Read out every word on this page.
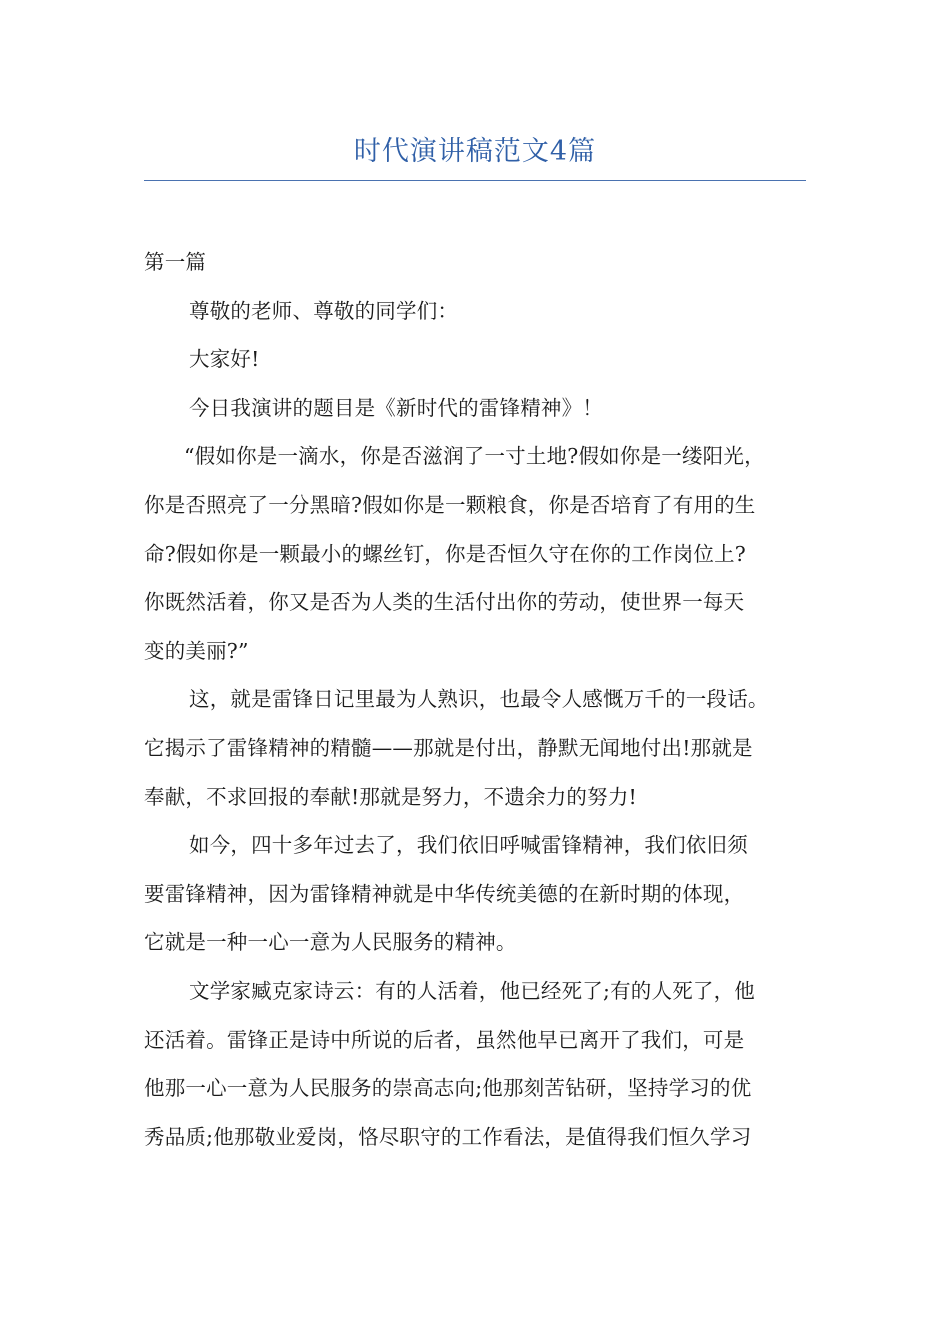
时代演讲稿范文4篇

第一篇

尊敬的老师、尊敬的同学们：

大家好!

今日我演讲的题目是《新时代的雷锋精神》！

“假如你是一滴水，你是否滋润了一寸土地?假如你是一缕阳光，

你是否照亮了一分黑暗?假如你是一颗粮食，你是否培育了有用的生

命?假如你是一颗最小的螺丝钉，你是否恒久守在你的工作岗位上?

你既然活着，你又是否为人类的生活付出你的劳动，使世界一每天

变的美丽?”

这，就是雷锋日记里最为人熟识，也最令人感慨万千的一段话。

它揭示了雷锋精神的精髓——那就是付出，静默无闻地付出!那就是

奉献，不求回报的奉献!那就是努力，不遗余力的努力!

如今，四十多年过去了，我们依旧呼喊雷锋精神，我们依旧须

要雷锋精神，因为雷锋精神就是中华传统美德的在新时期的体现，

它就是一种一心一意为人民服务的精神。

文学家臧克家诗云：有的人活着，他已经死了;有的人死了，他

还活着。雷锋正是诗中所说的后者，虽然他早已离开了我们，可是

他那一心一意为人民服务的崇高志向;他那刻苦钻研，坚持学习的优

秀品质;他那敬业爱岗，恪尽职守的工作看法，是值得我们恒久学习
